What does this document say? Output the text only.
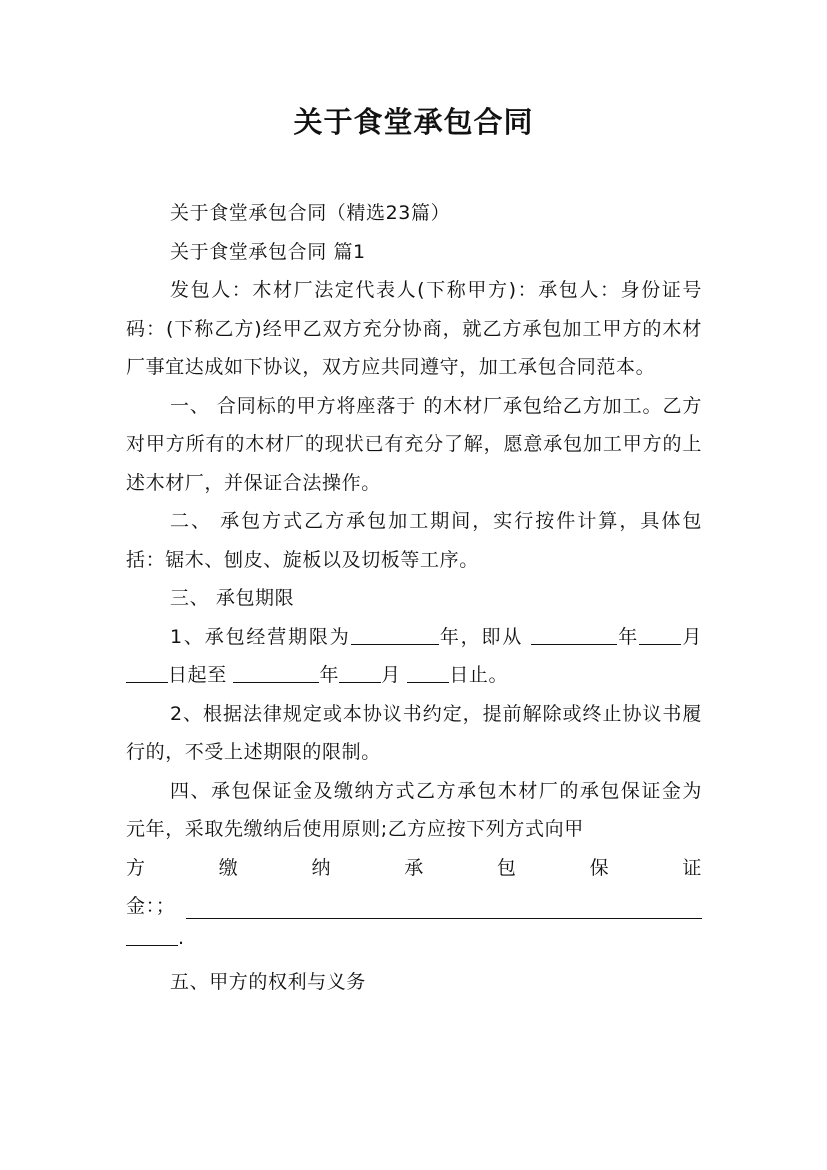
关于食堂承包合同

关于食堂承包合同（精选23篇）

关于食堂承包合同 篇1

发包人：木材厂法定代表人(下称甲方)：承包人：身份证号码：(下称乙方)经甲乙双方充分协商，就乙方承包加工甲方的木材厂事宜达成如下协议，双方应共同遵守，加工承包合同范本。

一、 合同标的甲方将座落于 的木材厂承包给乙方加工。乙方对甲方所有的木材厂的现状已有充分了解，愿意承包加工甲方的上述木材厂，并保证合法操作。

二、 承包方式乙方承包加工期间，实行按件计算，具体包括：锯木、刨皮、旋板以及切板等工序。

三、 承包期限

1、承包经营期限为	年，即从	年 月日起至	年 月 日止。

2、根据法律规定或本协议书约定，提前解除或终止协议书履行的，不受上述期限的限制。

四、承包保证金及缴纳方式乙方承包木材厂的承包保证金为 元年，采取先缴纳后使用原则;乙方应按下列方式向甲

方缴纳承包保证

金：；

.

五、甲方的权利与义务
